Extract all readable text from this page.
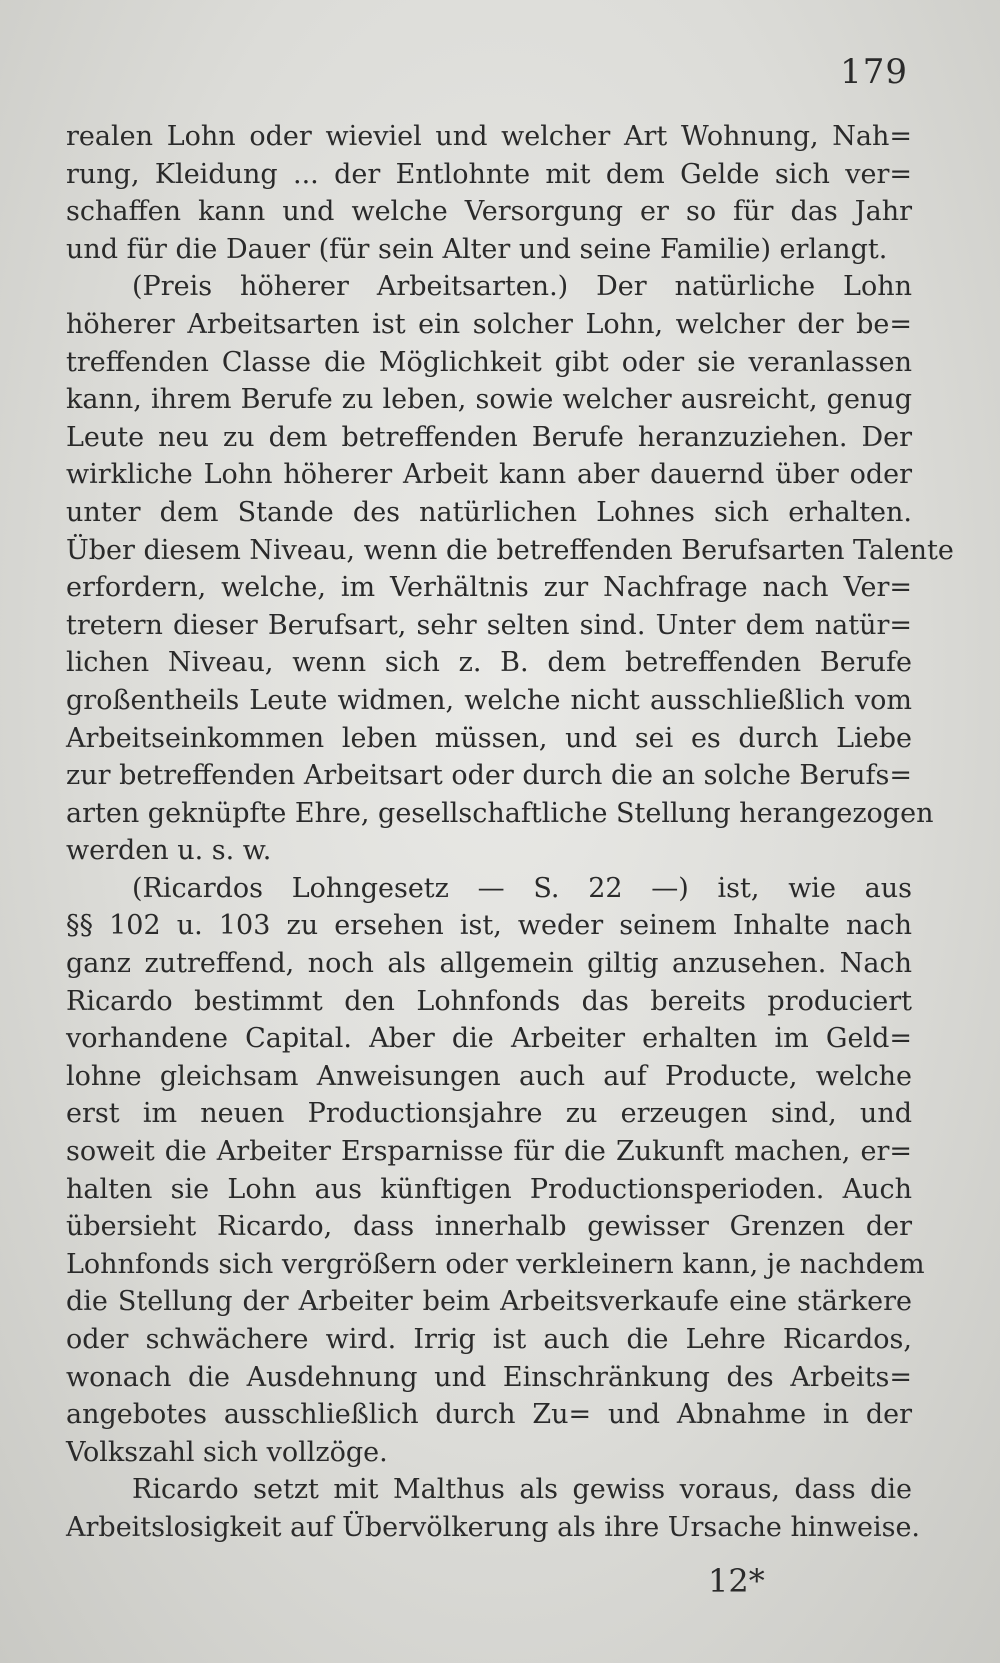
179
realen Lohn oder wieviel und welcher Art Wohnung, Nah=
rung, Kleidung ... der Entlohnte mit dem Gelde sich ver=
schaffen kann und welche Versorgung er so für das Jahr
und für die Dauer (für sein Alter und seine Familie) erlangt.
(Preis höherer Arbeitsarten.) Der natürliche Lohn
höherer Arbeitsarten ist ein solcher Lohn, welcher der be=
treffenden Classe die Möglichkeit gibt oder sie veranlassen
kann, ihrem Berufe zu leben, sowie welcher ausreicht, genug
Leute neu zu dem betreffenden Berufe heranzuziehen. Der
wirkliche Lohn höherer Arbeit kann aber dauernd über oder
unter dem Stande des natürlichen Lohnes sich erhalten.
Über diesem Niveau, wenn die betreffenden Berufsarten Talente
erfordern, welche, im Verhältnis zur Nachfrage nach Ver=
tretern dieser Berufsart, sehr selten sind. Unter dem natür=
lichen Niveau, wenn sich z. B. dem betreffenden Berufe
großentheils Leute widmen, welche nicht ausschließlich vom
Arbeitseinkommen leben müssen, und sei es durch Liebe
zur betreffenden Arbeitsart oder durch die an solche Berufs=
arten geknüpfte Ehre, gesellschaftliche Stellung herangezogen
werden u. s. w.
(Ricardos Lohngesetz — S. 22 —) ist, wie aus
§§ 102 u. 103 zu ersehen ist, weder seinem Inhalte nach
ganz zutreffend, noch als allgemein giltig anzusehen. Nach
Ricardo bestimmt den Lohnfonds das bereits produciert
vorhandene Capital. Aber die Arbeiter erhalten im Geld=
lohne gleichsam Anweisungen auch auf Producte, welche
erst im neuen Productionsjahre zu erzeugen sind, und
soweit die Arbeiter Ersparnisse für die Zukunft machen, er=
halten sie Lohn aus künftigen Productionsperioden. Auch
übersieht Ricardo, dass innerhalb gewisser Grenzen der
Lohnfonds sich vergrößern oder verkleinern kann, je nachdem
die Stellung der Arbeiter beim Arbeitsverkaufe eine stärkere
oder schwächere wird. Irrig ist auch die Lehre Ricardos,
wonach die Ausdehnung und Einschränkung des Arbeits=
angebotes ausschließlich durch Zu= und Abnahme in der
Volkszahl sich vollzöge.
Ricardo setzt mit Malthus als gewiss voraus, dass die
Arbeitslosigkeit auf Übervölkerung als ihre Ursache hinweise.
12*
